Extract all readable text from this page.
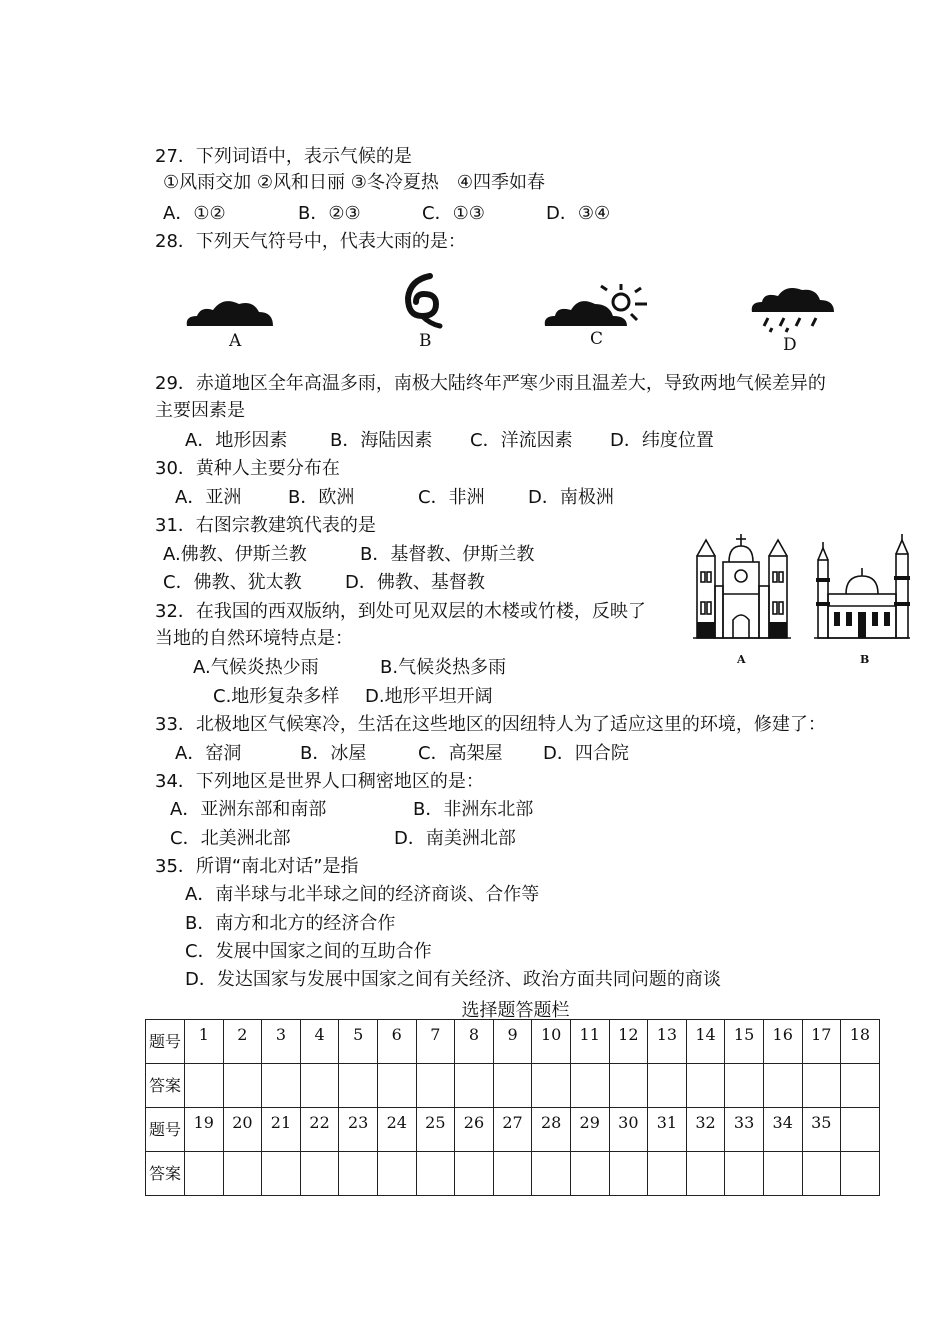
27．下列词语中，表示气候的是
①风雨交加 ②风和日丽 ③冬冷夏热　④四季如春
A．①②	B．②③	C．①③	D．③④
28．下列天气符号中，代表大雨的是：
A	B	C	D
29．赤道地区全年高温多雨，南极大陆终年严寒少雨且温差大，导致两地气候差异的
主要因素是
A．地形因素 B．海陆因素 C．洋流因素 D．纬度位置
30．黄种人主要分布在
A．亚洲	B．欧洲	C．非洲 D．南极洲
31．右图宗教建筑代表的是
A.佛教、伊斯兰教	B．基督教、伊斯兰教
C．佛教、犹太教 D．佛教、基督教
A	B
32．在我国的西双版纳，到处可见双层的木楼或竹楼，反映了
当地的自然环境特点是：
A.气候炎热少雨	B.气候炎热多雨
C.地形复杂多样 D.地形平坦开阔
33．北极地区气候寒冷，生活在这些地区的因纽特人为了适应这里的环境，修建了：
A．窑洞	B．冰屋	C．高架屋 D．四合院
34．下列地区是世界人口稠密地区的是：
A．亚洲东部和南部	B．非洲东北部
C．北美洲北部	D．南美洲北部
35．所谓“南北对话”是指
A．南半球与北半球之间的经济商谈、合作等
B．南方和北方的经济合作
C．发展中国家之间的互助合作
D．发达国家与发展中国家之间有关经济、政治方面共同问题的商谈
选择题答题栏
题号	1	2	3	4	5	6	7	8	9	10	11	12	13	14	15	16	17	18
答案																		
题号	19	20	21	22	23	24	25	26	27	28	29	30	31	32	33	34	35	
答案																		
